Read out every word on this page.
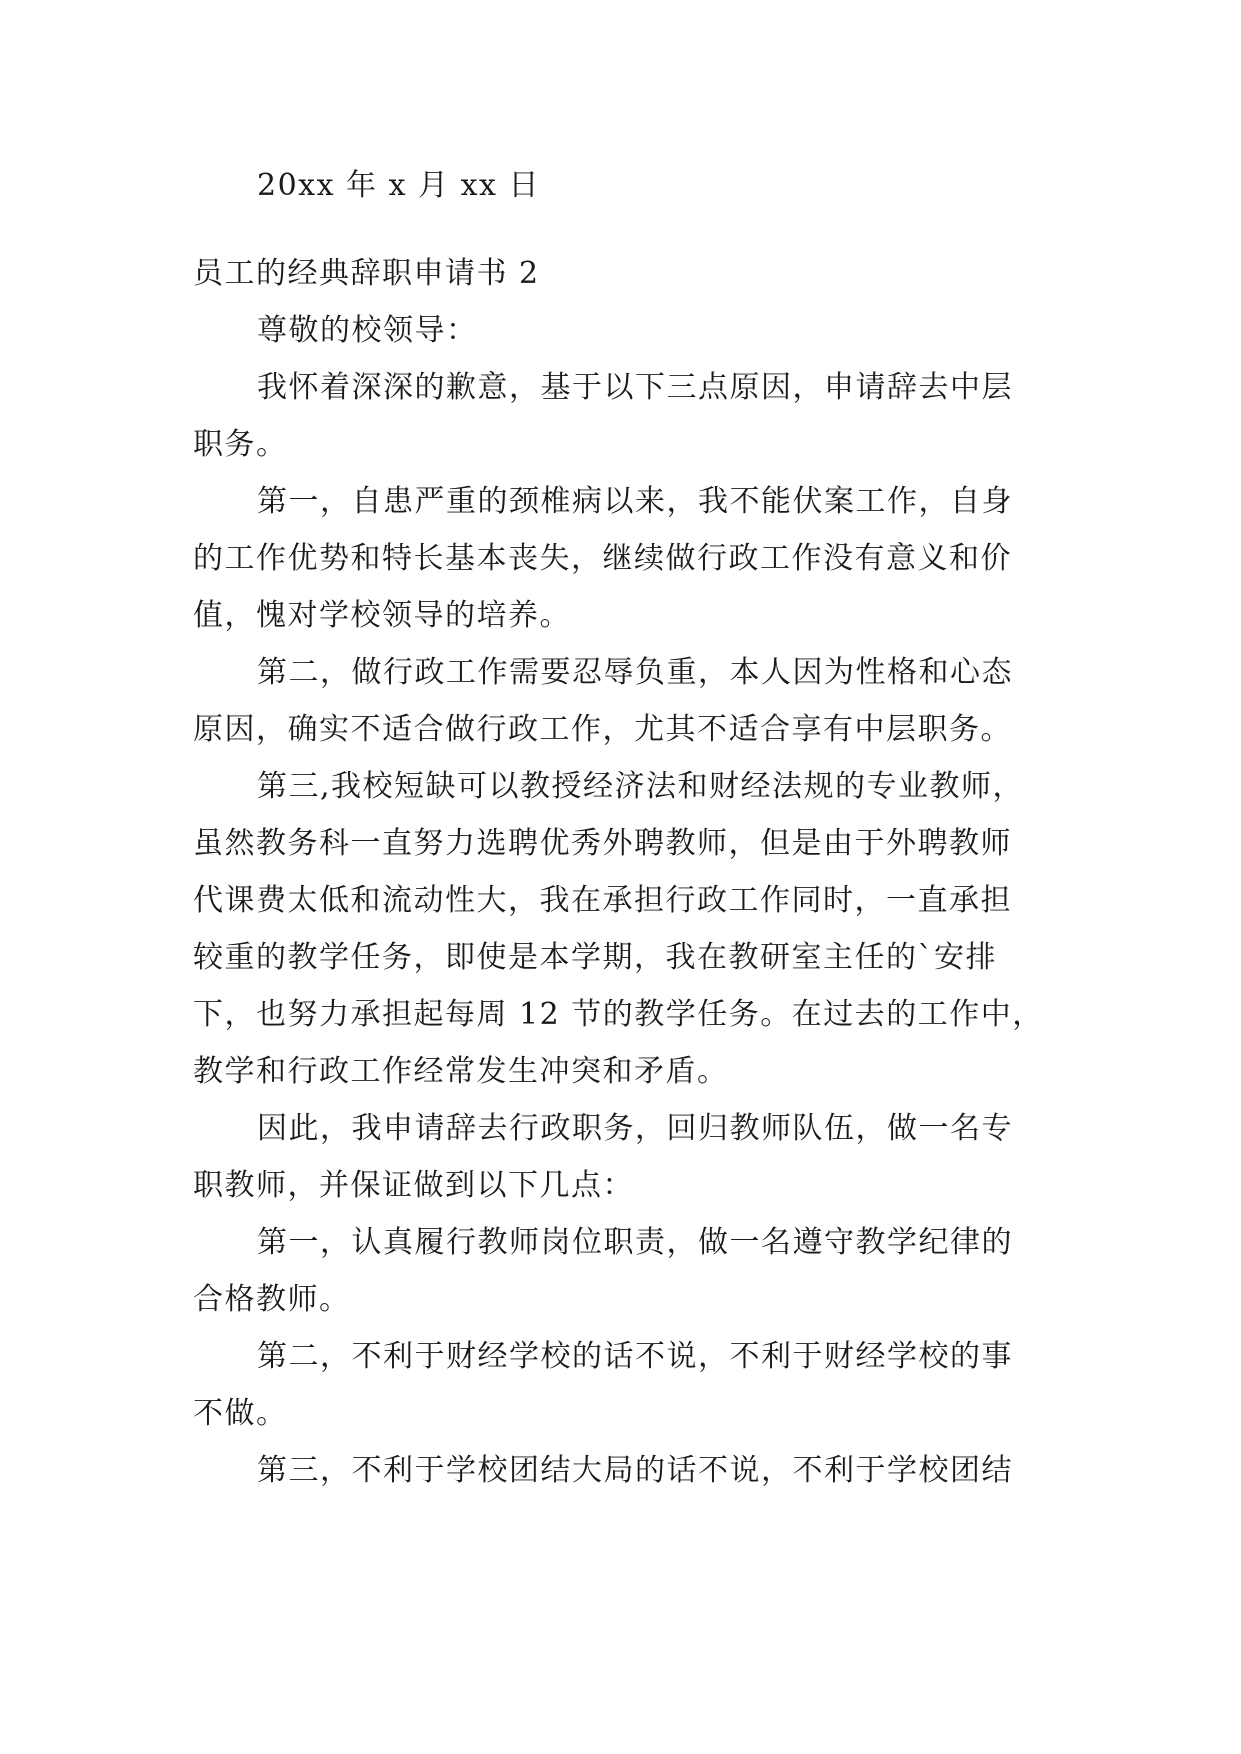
20xx 年 x 月 xx 日
员工的经典辞职申请书 2
尊敬的校领导：
我怀着深深的歉意，基于以下三点原因，申请辞去中层
职务。
第一，自患严重的颈椎病以来，我不能伏案工作，自身
的工作优势和特长基本丧失，继续做行政工作没有意义和价
值，愧对学校领导的培养。
第二，做行政工作需要忍辱负重，本人因为性格和心态
原因，确实不适合做行政工作，尤其不适合享有中层职务。
第三,我校短缺可以教授经济法和财经法规的专业教师，
虽然教务科一直努力选聘优秀外聘教师，但是由于外聘教师
代课费太低和流动性大，我在承担行政工作同时，一直承担
较重的教学任务，即使是本学期，我在教研室主任的`安排
下，也努力承担起每周 12 节的教学任务。在过去的工作中，
教学和行政工作经常发生冲突和矛盾。
因此，我申请辞去行政职务，回归教师队伍，做一名专
职教师，并保证做到以下几点：
第一，认真履行教师岗位职责，做一名遵守教学纪律的
合格教师。
第二，不利于财经学校的话不说，不利于财经学校的事
不做。
第三，不利于学校团结大局的话不说，不利于学校团结
